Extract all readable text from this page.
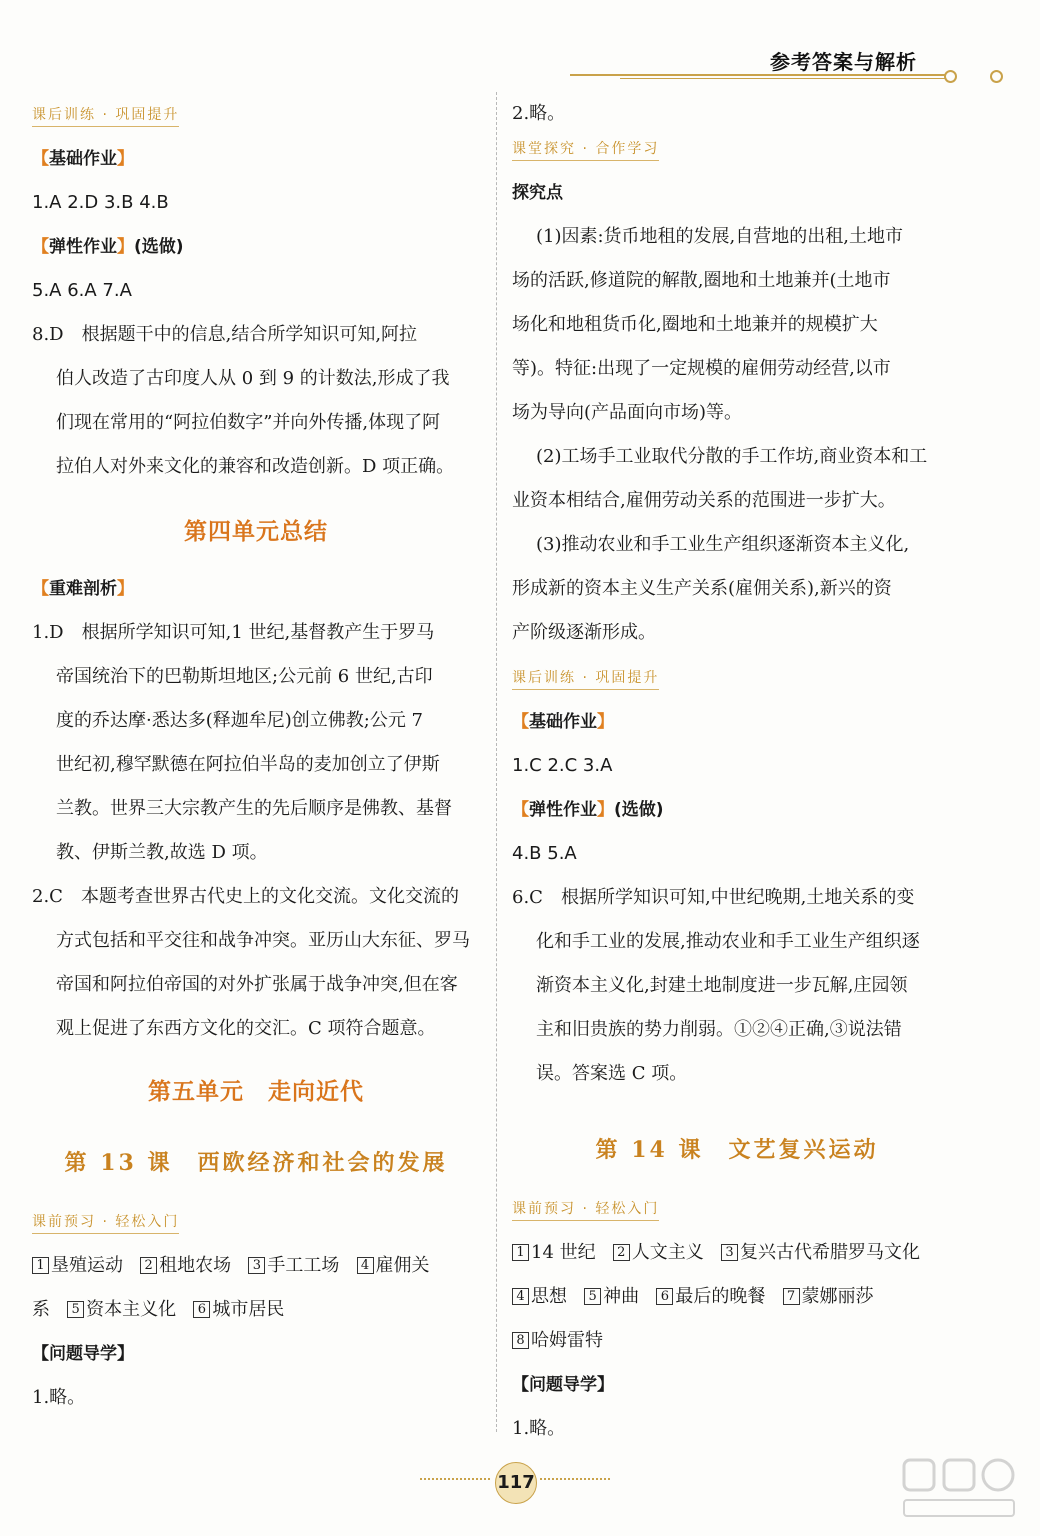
参考答案与解析
课后训练 · 巩固提升
【基础作业】
1.A 2.D 3.B 4.B
【弹性作业】(选做)
5.A 6.A 7.A
8.D　根据题干中的信息,结合所学知识可知,阿拉
伯人改造了古印度人从 0 到 9 的计数法,形成了我
们现在常用的“阿拉伯数字”并向外传播,体现了阿
拉伯人对外来文化的兼容和改造创新。D 项正确。
第四单元总结
【重难剖析】
1.D　根据所学知识可知,1 世纪,基督教产生于罗马
帝国统治下的巴勒斯坦地区;公元前 6 世纪,古印
度的乔达摩·悉达多(释迦牟尼)创立佛教;公元 7
世纪初,穆罕默德在阿拉伯半岛的麦加创立了伊斯
兰教。世界三大宗教产生的先后顺序是佛教、基督
教、伊斯兰教,故选 D 项。
2.C　本题考查世界古代史上的文化交流。文化交流的
方式包括和平交往和战争冲突。亚历山大东征、罗马
帝国和阿拉伯帝国的对外扩张属于战争冲突,但在客
观上促进了东西方文化的交汇。C 项符合题意。
第五单元　走向近代
第 13 课　西欧经济和社会的发展
课前预习 · 轻松入门
1 垦殖运动 2 租地农场 3 手工工场 4 雇佣关
系 5 资本主义化 6 城市居民
【问题导学】
1.略。
2.略。
课堂探究 · 合作学习
探究点
(1)因素:货币地租的发展,自营地的出租,土地市
场的活跃,修道院的解散,圈地和土地兼并(土地市
场化和地租货币化,圈地和土地兼并的规模扩大
等)。特征:出现了一定规模的雇佣劳动经营,以市
场为导向(产品面向市场)等。
(2)工场手工业取代分散的手工作坊,商业资本和工
业资本相结合,雇佣劳动关系的范围进一步扩大。
(3)推动农业和手工业生产组织逐渐资本主义化,
形成新的资本主义生产关系(雇佣关系),新兴的资
产阶级逐渐形成。
课后训练 · 巩固提升
【基础作业】
1.C 2.C 3.A
【弹性作业】(选做)
4.B 5.A
6.C　根据所学知识可知,中世纪晚期,土地关系的变
化和手工业的发展,推动农业和手工业生产组织逐
渐资本主义化,封建土地制度进一步瓦解,庄园领
主和旧贵族的势力削弱。①②④正确,③说法错
误。答案选 C 项。
第 14 课　文艺复兴运动
课前预习 · 轻松入门
1 14 世纪 2 人文主义 3 复兴古代希腊罗马文化
4 思想 5 神曲 6 最后的晚餐 7 蒙娜丽莎
8 哈姆雷特
【问题导学】
1.略。
117
